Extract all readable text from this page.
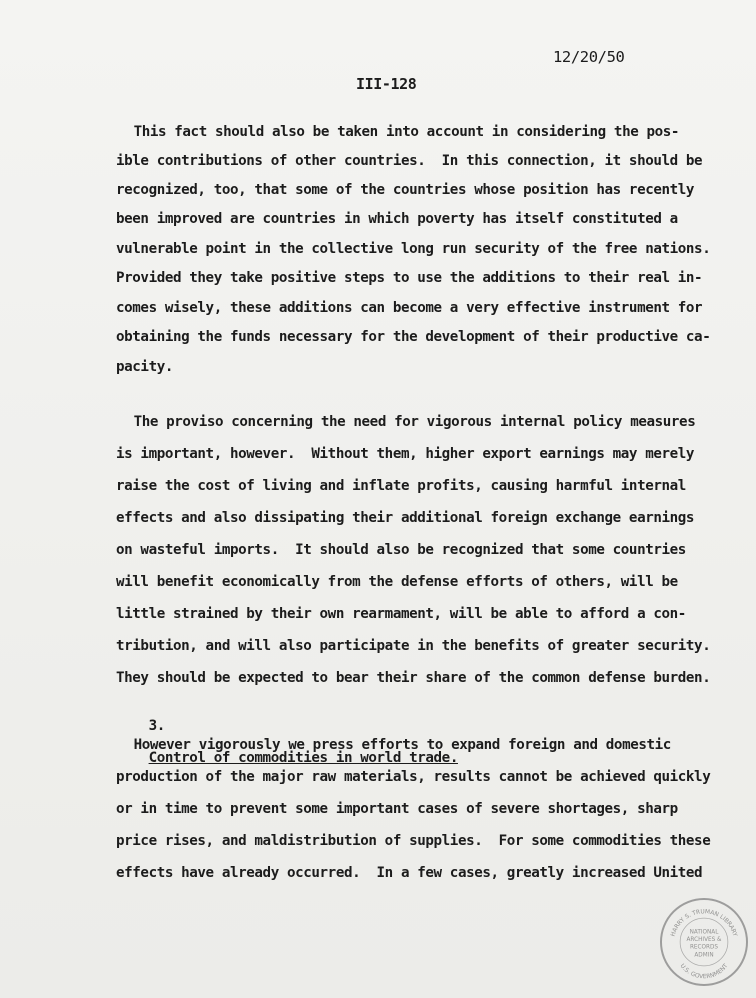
12/20/50
III-128

This fact should also be taken into account in considering the pos-

ible contributions of other countries.  In this connection, it should be

recognized, too, that some of the countries whose position has recently

been improved are countries in which poverty has itself constituted a

vulnerable point in the collective long run security of the free nations.

Provided they take positive steps to use the additions to their real in-

comes wisely, these additions can become a very effective instrument for

obtaining the funds necessary for the development of their productive ca-

pacity.

The proviso concerning the need for vigorous internal policy measures

is important, however.  Without them, higher export earnings may merely

raise the cost of living and inflate profits, causing harmful internal

effects and also dissipating their additional foreign exchange earnings

on wasteful imports.  It should also be recognized that some countries

will benefit economically from the defense efforts of others, will be

little strained by their own rearmament, will be able to afford a con-

tribution, and will also participate in the benefits of greater security.

They should be expected to bear their share of the common defense burden.

3.

Control of commodities in world trade.

However vigorously we press efforts to expand foreign and domestic

production of the major raw materials, results cannot be achieved quickly

or in time to prevent some important cases of severe shortages, sharp

price rises, and maldistribution of supplies.  For some commodities these

effects have already occurred.  In a few cases, greatly increased United

HARRY S. TRUMAN LIBRARY
U.S. GOVERNMENT
NATIONAL
ARCHIVES &
RECORDS
ADMIN
